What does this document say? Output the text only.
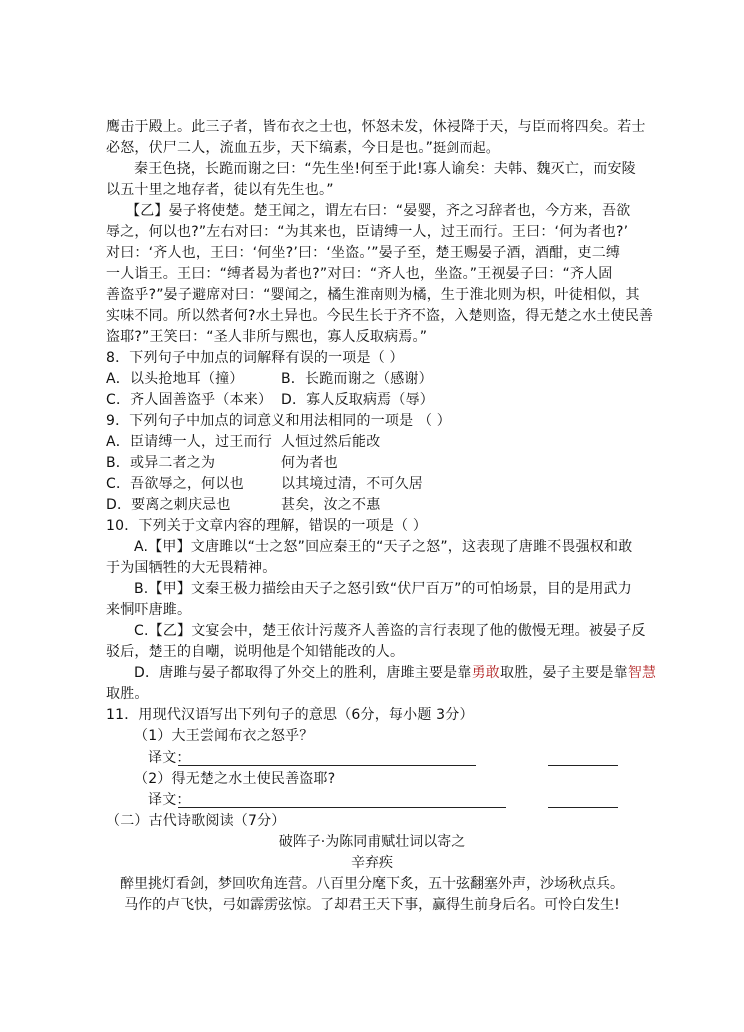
鹰击于殿上。此三子者，皆布衣之士也，怀怒未发，休祲降于天，与臣而将四矣。若士
必怒，伏尸二人，流血五步，天下缟素，今日是也。”挺剑而起。
秦王色挠，长跪而谢之曰：“先生坐!何至于此!寡人谕矣：夫韩、魏灭亡，而安陵
以五十里之地存者，徒以有先生也。”
【乙】晏子将使楚。楚王闻之，谓左右曰：“晏婴，齐之习辞者也，今方来，吾欲
辱之，何以也?”左右对曰：“为其来也，臣请缚一人，过王而行。王曰：‘何为者也?’
对曰：‘齐人也，王曰：‘何坐?’曰：‘坐盗。’”晏子至，楚王赐晏子酒，酒酣，吏二缚
一人诣王。王曰：“缚者曷为者也?”对曰：“齐人也，坐盗。”王视晏子曰：“齐人固
善盗乎?”晏子避席对曰：“婴闻之，橘生淮南则为橘，生于淮北则为枳，叶徒相似，其
实味不同。所以然者何?水土异也。今民生长于齐不盗，入楚则盗，得无楚之水土使民善
盗耶?”王笑曰：“圣人非所与熙也，寡人反取病焉。”
8．下列句子中加点的词解释有误的一项是（ ）
A．以头抢地耳（撞）	B．长跪而谢之（感谢）
C．齐人固善盗乎（本来） D．寡人反取病焉（辱）
9．下列句子中加点的词意义和用法相同的一项是 （ ）
A．臣请缚一人，过王而行 人恒过然后能改
B．或异二者之为	何为者也
C．吾欲辱之，何以也	以其境过清，不可久居
D．要离之刺庆忌也	甚矣，汝之不惠
10．下列关于文章内容的理解，错误的一项是（ ）
A.【甲】文唐雎以“士之怒”回应秦王的“天子之怒”，这表现了唐雎不畏强权和敢
于为国牺牲的大无畏精神。
B.【甲】文秦王极力描绘由天子之怒引致“伏尸百万”的可怕场景，目的是用武力
来恫吓唐雎。
C.【乙】文宴会中，楚王依计污蔑齐人善盗的言行表现了他的傲慢无理。被晏子反
驳后，楚王的自嘲，说明他是个知错能改的人。
D．唐雎与晏子都取得了外交上的胜利，唐雎主要是靠勇敢取胜，晏子主要是靠智慧
取胜。
11．用现代汉语写出下列句子的意思（6分，每小题 3分）
（1）大王尝闻布衣之怒乎？
译文：
（2）得无楚之水土使民善盗耶?
译文：
（二）古代诗歌阅读（7分）
破阵子·为陈同甫赋壮词以寄之
辛弃疾
醉里挑灯看剑，梦回吹角连营。八百里分麾下炙，五十弦翻塞外声，沙场秋点兵。
马作的卢飞快，弓如霹雳弦惊。了却君王天下事，赢得生前身后名。可怜白发生!
